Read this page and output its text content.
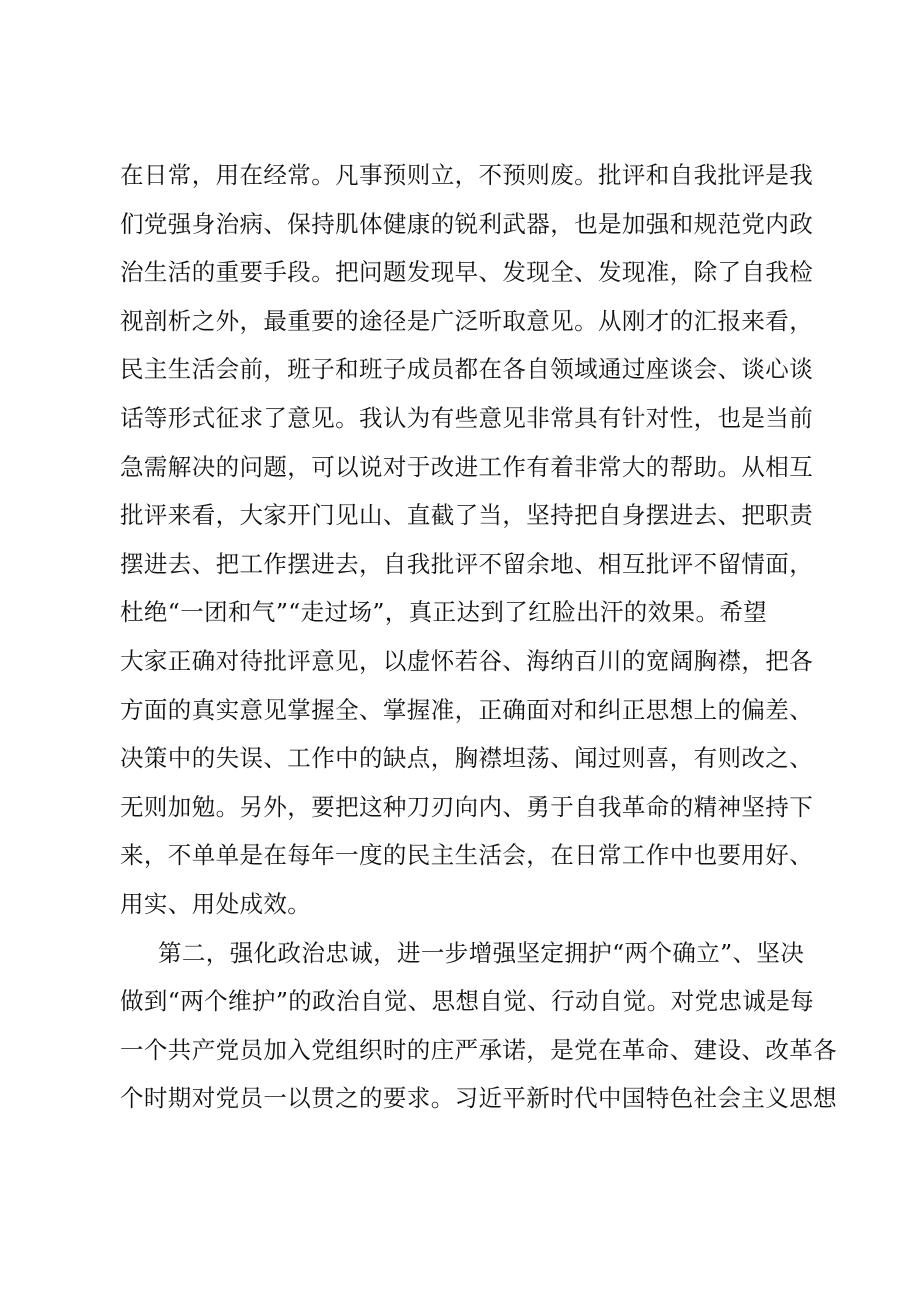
在日常，用在经常。凡事预则立，不预则废。批评和自我批评是我
们党强身治病、保持肌体健康的锐利武器，也是加强和规范党内政
治生活的重要手段。把问题发现早、发现全、发现准，除了自我检
视剖析之外，最重要的途径是广泛听取意见。从刚才的汇报来看，
民主生活会前，班子和班子成员都在各自领域通过座谈会、谈心谈
话等形式征求了意见。我认为有些意见非常具有针对性，也是当前
急需解决的问题，可以说对于改进工作有着非常大的帮助。从相互
批评来看，大家开门见山、直截了当，坚持把自身摆进去、把职责
摆进去、把工作摆进去，自我批评不留余地、相互批评不留情面，
杜绝“一团和气”“走过场”，真正达到了红脸出汗的效果。希望
大家正确对待批评意见，以虚怀若谷、海纳百川的宽阔胸襟，把各
方面的真实意见掌握全、掌握准，正确面对和纠正思想上的偏差、
决策中的失误、工作中的缺点，胸襟坦荡、闻过则喜，有则改之、
无则加勉。另外，要把这种刀刃向内、勇于自我革命的精神坚持下
来，不单单是在每年一度的民主生活会，在日常工作中也要用好、
用实、用处成效。
第二，强化政治忠诚，进一步增强坚定拥护“两个确立”、坚决
做到“两个维护”的政治自觉、思想自觉、行动自觉。对党忠诚是每
一个共产党员加入党组织时的庄严承诺，是党在革命、建设、改革各
个时期对党员一以贯之的要求。习近平新时代中国特色社会主义思想
